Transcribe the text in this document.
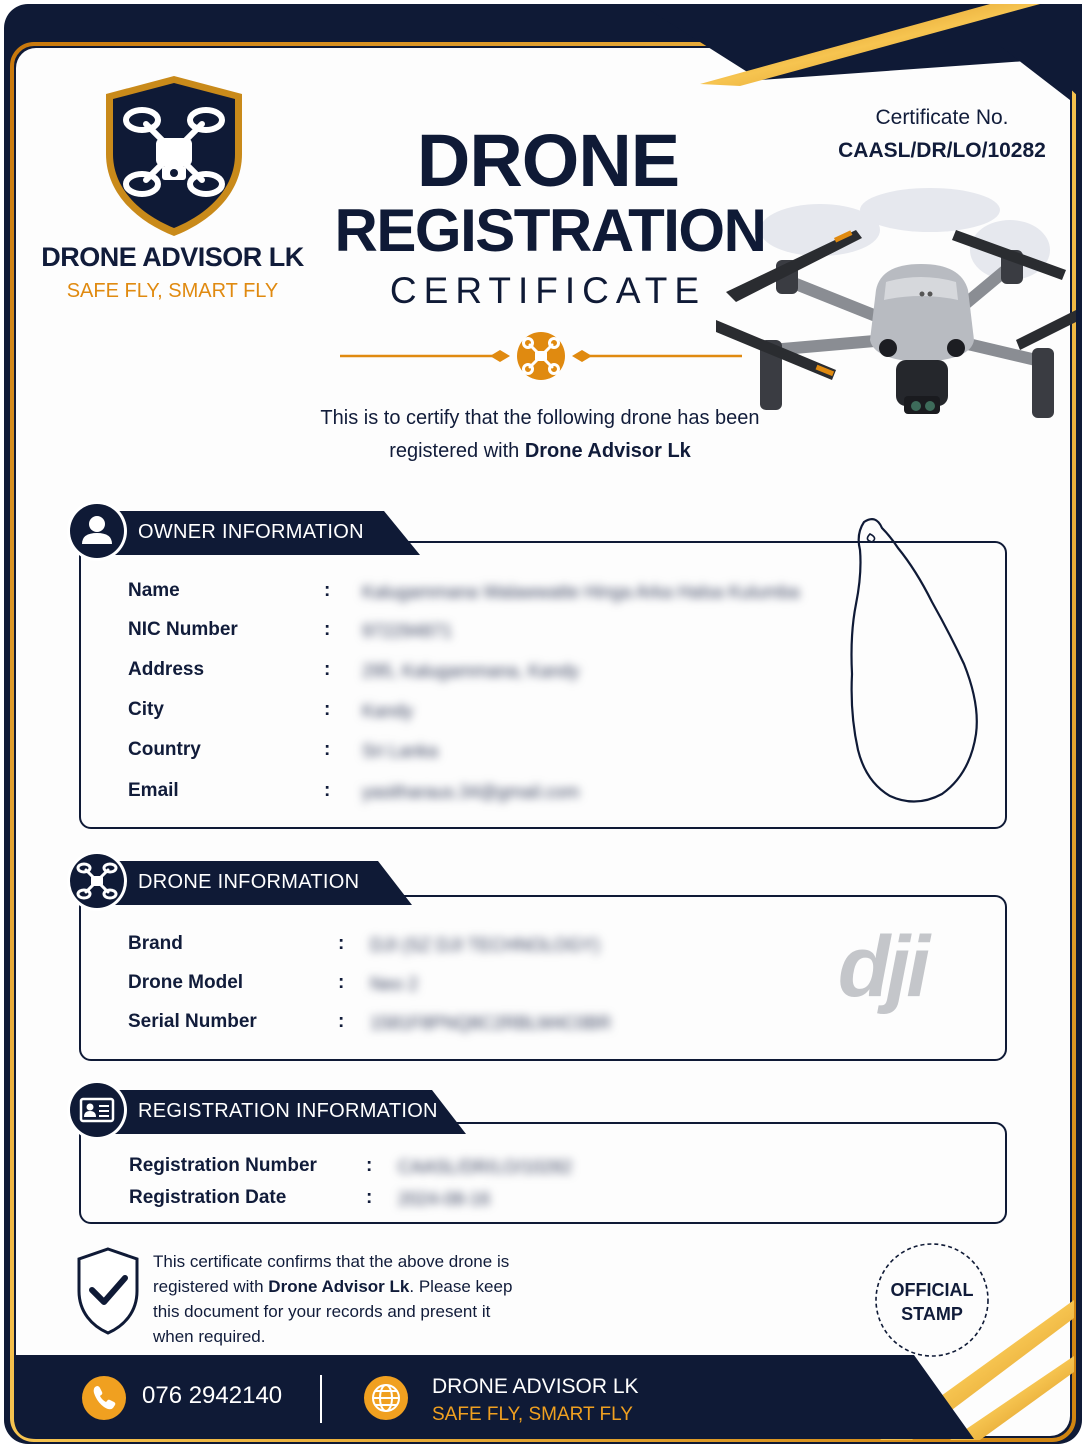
DRONE ADVISOR LK
SAFE FLY, SMART FLY
DRONE
REGISTRATION
CERTIFICATE
Certificate No.
CAASL/DR/LO/10282
This is to certify that the following drone has been registered with Drone Advisor Lk
OWNER INFORMATION
Name	: Kalugammana Walawwatte Hinga Arka Halsa Kulumba
NIC Number	: 972294871
Address	: 295, Kalugammana, Kandy
City	: Kandy
Country	: Sri Lanka
Email	: yasitharaus.34@gmail.com
DRONE INFORMATION
Brand	: DJI (SZ DJI TECHNOLOGY)
Drone Model	: Neo 2
Serial Number	: 1581F8PNQ8C2RBLM4C0BR
dji
REGISTRATION INFORMATION
Registration Number	: CAASL/DR/LO/10282
Registration Date	: 2024-08-16
This certificate confirms that the above drone is registered with Drone Advisor Lk. Please keep this document for your records and present it when required.
OFFICIAL
STAMP
076 2942140	DRONE ADVISOR LK
SAFE FLY, SMART FLY
